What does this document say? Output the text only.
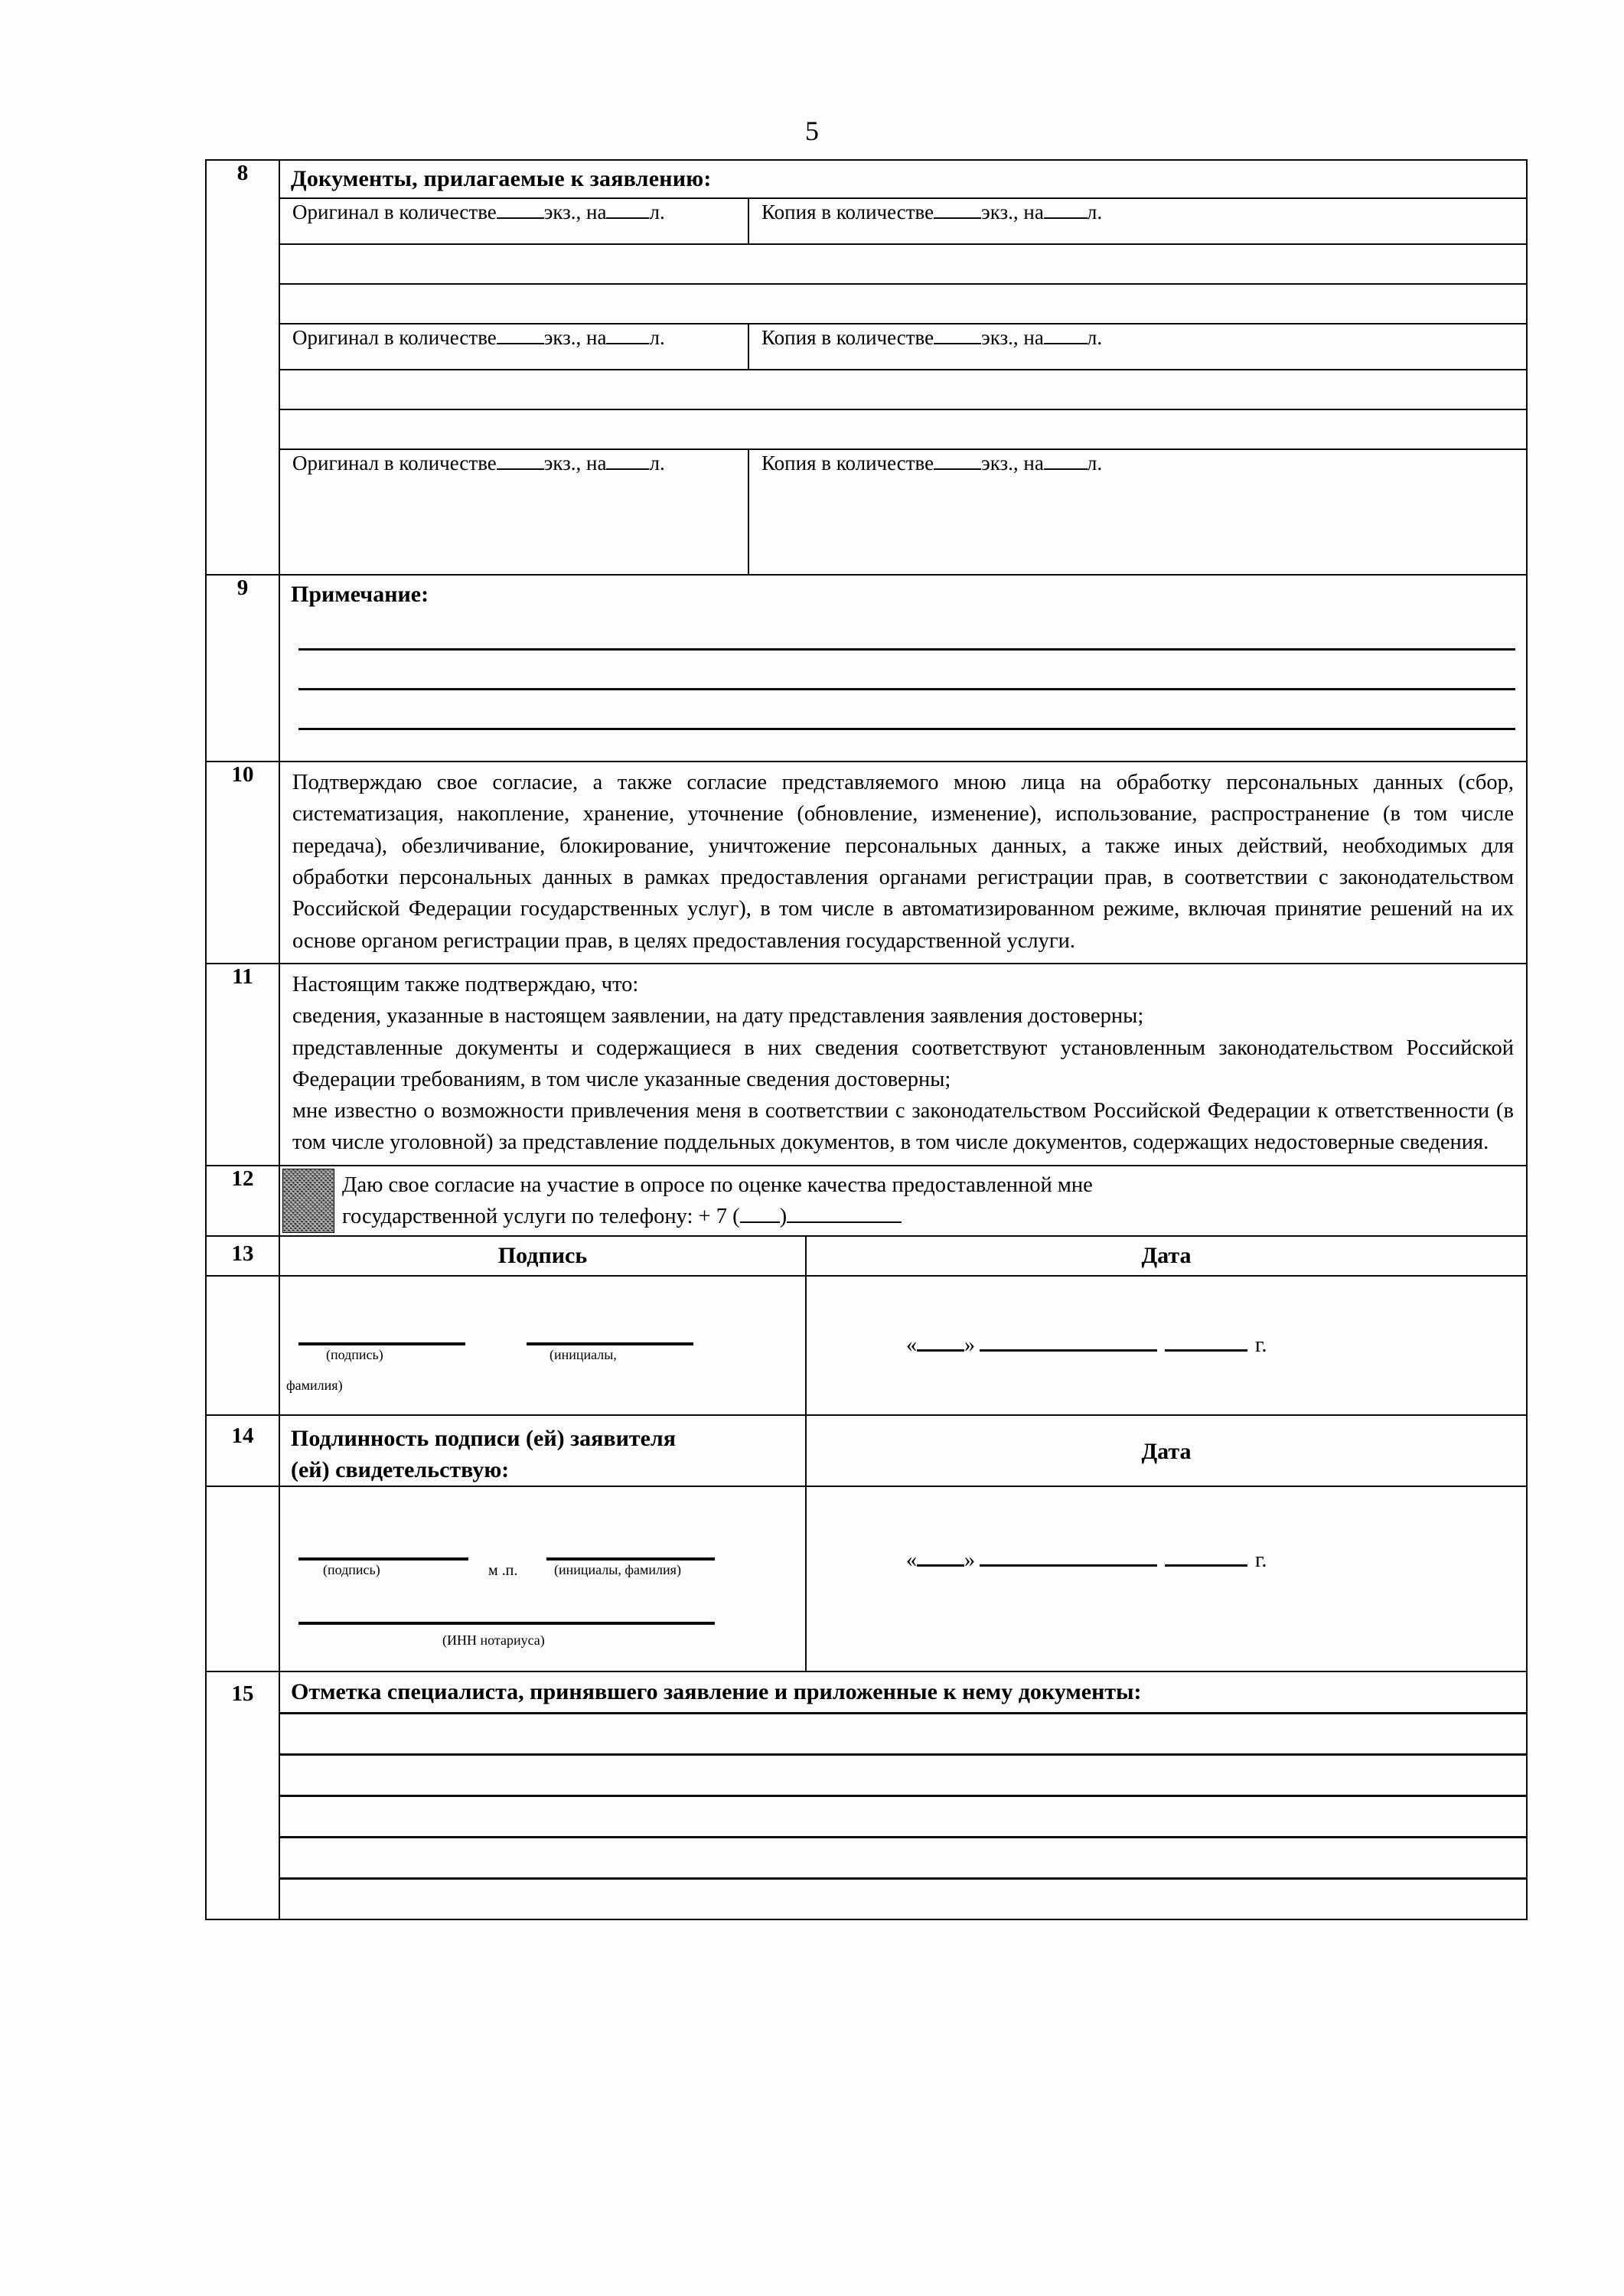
5
8	Документы, прилагаемые к заявлению:
Оригинал в количестве экз., на л.	Копия в количестве экз., на л.
Оригинал в количестве экз., на л.	Копия в количестве экз., на л.
Оригинал в количестве экз., на л.	Копия в количестве экз., на л.

9	Примечание:

10	Подтверждаю свое согласие, а также согласие представляемого мною лица на обработку персональных данных (сбор, систематизация, накопление, хранение, уточнение (обновление, изменение), использование, распространение (в том числе передача), обезличивание, блокирование, уничтожение персональных данных, а также иных действий, необходимых для обработки персональных данных в рамках предоставления органами регистрации прав, в соответствии с законодательством Российской Федерации государственных услуг), в том числе в автоматизированном режиме, включая принятие решений на их основе органом регистрации прав, в целях предоставления государственной услуги.

11	Настоящим также подтверждаю, что:

сведения, указанные в настоящем заявлении, на дату представления заявления достоверны;

представленные документы и содержащиеся в них сведения соответствуют установленным законодательством Российской Федерации требованиям, в том числе указанные сведения достоверны;

мне известно о возможности привлечения меня в соответствии с законодательством Российской Федерации к ответственности (в том числе уголовной) за представление поддельных документов, в том числе документов, содержащих недостоверные сведения.

12	Даю свое согласие на участие в опросе по оценке качества предоставленной мне
государственной услуги по телефону: + 7 ( )

13	Подпись Дата

(подпись)	(инициалы,
фамилия)
« »	г.

14	Подлинность подписи (ей) заявителя
(ей) свидетельствую:
Дата

(подпись)	м .п.	(инициалы, фамилия)
(ИНН нотариуса)
« »	г.

15	Отметка специалиста, принявшего заявление и приложенные к нему документы:
